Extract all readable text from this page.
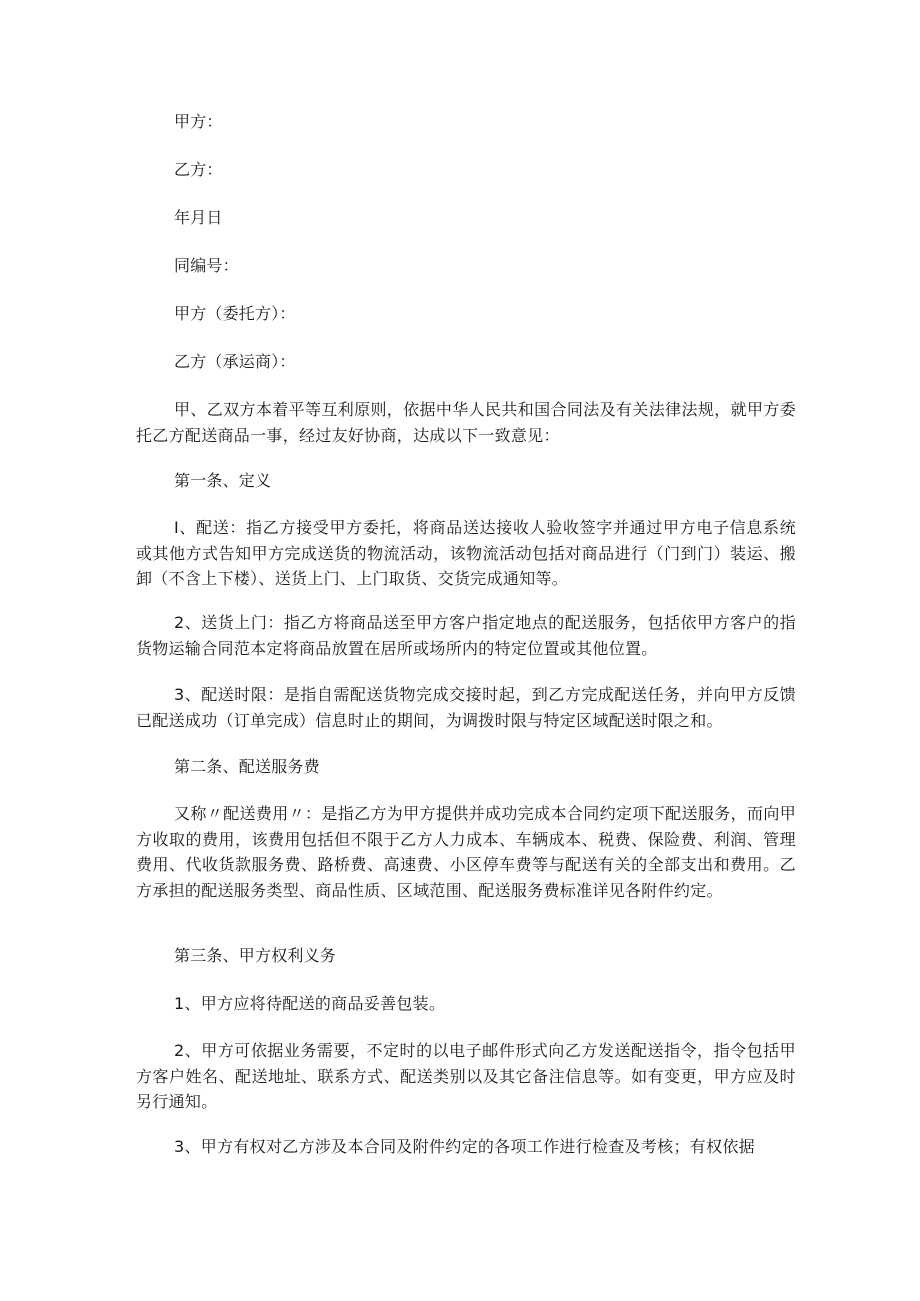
甲方：
乙方：
年月日
同编号：
甲方（委托方）：
乙方（承运商）：
甲、乙双方本着平等互利原则，依据中华人民共和国合同法及有关法律法规，就甲方委托乙方配送商品一事，经过友好协商，达成以下一致意见：
第一条、定义
I、配送：指乙方接受甲方委托，将商品送达接收人验收签字并通过甲方电子信息系统或其他方式告知甲方完成送货的物流活动，该物流活动包括对商品进行（门到门）装运、搬卸（不含上下楼）、送货上门、上门取货、交货完成通知等。
2、送货上门：指乙方将商品送至甲方客户指定地点的配送服务，包括依甲方客户的指货物运输合同范本定将商品放置在居所或场所内的特定位置或其他位置。
3、配送时限：是指自需配送货物完成交接时起，到乙方完成配送任务，并向甲方反馈已配送成功（订单完成）信息时止的期间，为调拨时限与特定区域配送时限之和。
第二条、配送服务费
又称〃配送费用〃：是指乙方为甲方提供并成功完成本合同约定项下配送服务，而向甲方收取的费用，该费用包括但不限于乙方人力成本、车辆成本、税费、保险费、利润、管理费用、代收货款服务费、路桥费、高速费、小区停车费等与配送有关的全部支出和费用。乙方承担的配送服务类型、商品性质、区域范围、配送服务费标准详见各附件约定。
第三条、甲方权利义务
1、甲方应将待配送的商品妥善包装。
2、甲方可依据业务需要，不定时的以电子邮件形式向乙方发送配送指令，指令包括甲方客户姓名、配送地址、联系方式、配送类别以及其它备注信息等。如有变更，甲方应及时另行通知。
3、甲方有权对乙方涉及本合同及附件约定的各项工作进行检查及考核；有权依据
